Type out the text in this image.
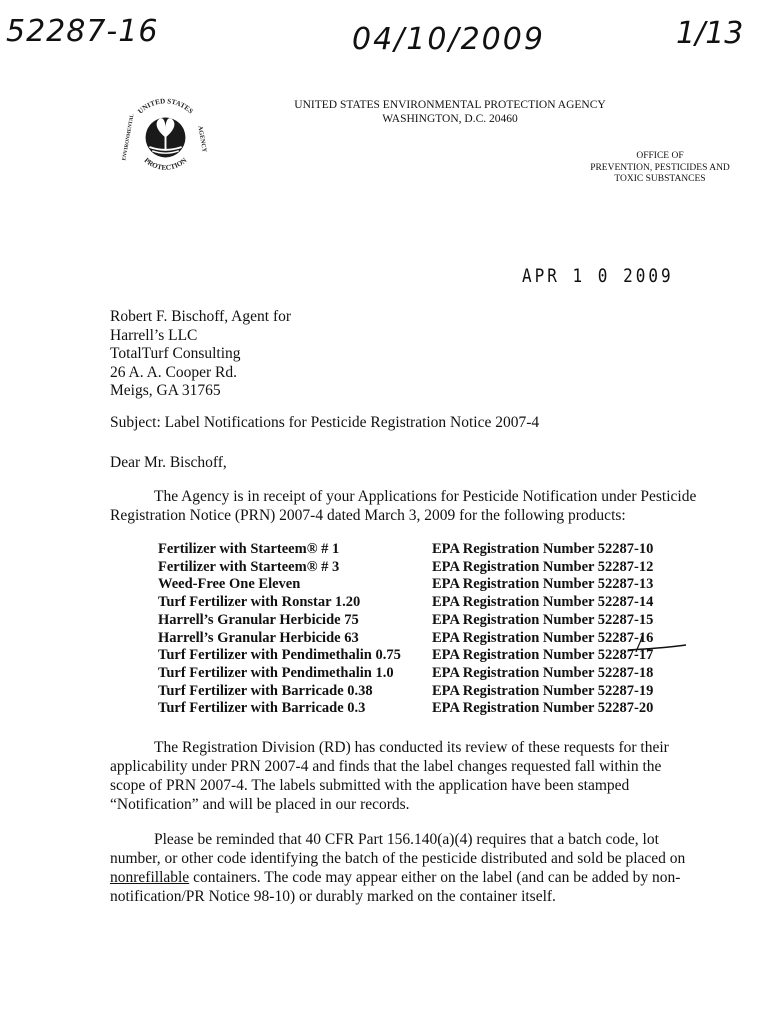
52287-16	04/10/2009	1/13
UNITED STATES
PROTECTION
AGENCY
ENVIRONMENTAL
UNITED STATES ENVIRONMENTAL PROTECTION AGENCY
WASHINGTON, D.C. 20460
OFFICE OF
PREVENTION, PESTICIDES AND
TOXIC SUBSTANCES
APR 1 0 2009
Robert F. Bischoff, Agent for
Harrell’s LLC
TotalTurf Consulting
26 A. A. Cooper Rd.
Meigs, GA 31765
Subject: Label Notifications for Pesticide Registration Notice 2007-4
Dear Mr. Bischoff,
The Agency is in receipt of your Applications for Pesticide Notification under Pesticide Registration Notice (PRN) 2007-4 dated March 3, 2009 for the following products:
Fertilizer with Starteem® # 1	EPA Registration Number 52287-10
Fertilizer with Starteem® # 3	EPA Registration Number 52287-12
Weed-Free One Eleven	EPA Registration Number 52287-13
Turf Fertilizer with Ronstar 1.20	EPA Registration Number 52287-14
Harrell’s Granular Herbicide 75	EPA Registration Number 52287-15
Harrell’s Granular Herbicide 63	EPA Registration Number 52287-16
Turf Fertilizer with Pendimethalin 0.75	EPA Registration Number 52287-17
Turf Fertilizer with Pendimethalin 1.0	EPA Registration Number 52287-18
Turf Fertilizer with Barricade 0.38	EPA Registration Number 52287-19
Turf Fertilizer with Barricade 0.3	EPA Registration Number 52287-20
The Registration Division (RD) has conducted its review of these requests for their applicability under PRN 2007-4 and finds that the label changes requested fall within the scope of PRN 2007-4. The labels submitted with the application have been stamped “Notification” and will be placed in our records.
Please be reminded that 40 CFR Part 156.140(a)(4) requires that a batch code, lot number, or other code identifying the batch of the pesticide distributed and sold be placed on nonrefillable containers. The code may appear either on the label (and can be added by non-notification/PR Notice 98-10) or durably marked on the container itself.
